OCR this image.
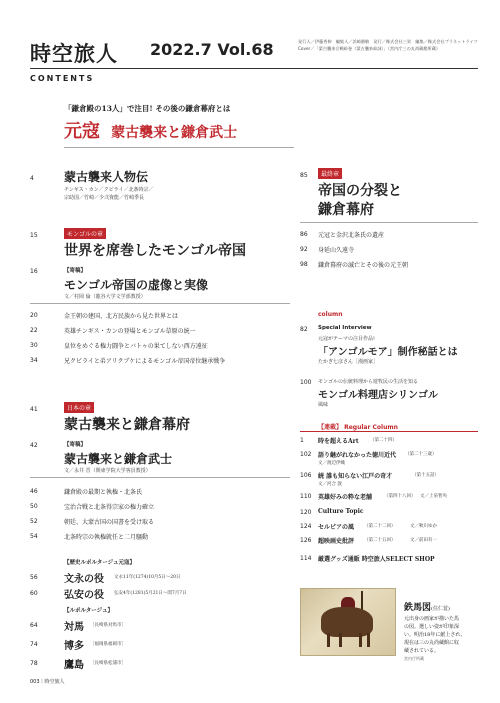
時空旅人 2022.7 Vol.68	発行人／伊藤秀伸　編集人／浜崎勝敏　発行／株式会社三栄　編集／株式会社プラネットライツ
Cover／「蒙古襲来合戦絵巻（蒙古襲来絵詞）」（宮内庁三の丸尚蔵館所蔵）
CONTENTS
「鎌倉殿の13人」で注目! その後の鎌倉幕府とは
元寇 蒙古襲来と鎌倉武士
4	蒙古襲来人物伝
チンギス・カン／クビライ／北条時宗／
宗助国／竹崎／少弐資能／竹崎季長
15	モンゴルの章
世界を席巻したモンゴル帝国
16	【寄稿】
モンゴル帝国の虚像と実像
文／村岡 倫（龍谷大学文学部教授）
20	金王朝の建国、北方民族から見た世界とは
22	英雄チンギス・カンの登場とモンゴル草原の統一
30	皇位をめぐる権力闘争とバトゥの果てしない西方遠征
34	兄クビライと弟アリクブケによるモンゴル帝国帝位継承戦争
41	日本の章
蒙古襲来と鎌倉幕府
42	【寄稿】
蒙古襲来と鎌倉武士
文／永井 晋（関東学院大学客員教授）
46	鎌倉殿の最期と執権・北条氏
50	宝治合戦と北条得宗家の権力確立
52	朝廷、大蒙古国の国書を受け取る
54	北条時宗の執権就任と二月騒動
【歴史ルポルタージュ元寇】
56	文永の役 文永11年(1274)10月5日〜20日
60	弘安の役 弘安4年(1281)5月21日〜閏7月7日
【ルポルタージュ】
64	対馬 ［長崎県対馬市］
74	博多 ［福岡県福岡市］
78	鷹島 ［長崎県松浦市］
85	最終章
帝国の分裂と
鎌倉幕府
86 元冠と金沢北条氏の遺産
92 身延山久遠寺
98 鎌倉幕府の滅亡とその後の元王朝
column
82 Special Interview
元寇がテーマの注目作品!
「アンゴルモア」制作秘話とは
たかぎ七彦さん［漫画家］
100 モンゴルの伝統料理から遊牧民の生活を知る
モンゴル料理店シリンゴル
風味
【連載】 Regular Column
1 時を超えるArt	（第二十四）
102 語り継がれなかった徳川近代 （第二十三歳）
文／渡辺伊織
106 続 誰も知らない江戸の奇才	（第十五話）
文／河合 敦
110 英雄好みの粋な老舗	（第四十八回） 文／上泉智央
120 Culture Topic
124 セルビアの風 （第二十二回）	文／秋川ゆか
126 超映画史批評 （第二十五回）	文／前田有一
114 厳選グッズ通販 時空旅人SELECT SHOP
鉄馬図(住仁覚)
元出身の画家が描いた馬
の図。選しい姿が印象深
い。明治18年に献上され、
現在は三の丸尚蔵館に収
蔵されている。
宮内庁所蔵
003｜時空旅人
